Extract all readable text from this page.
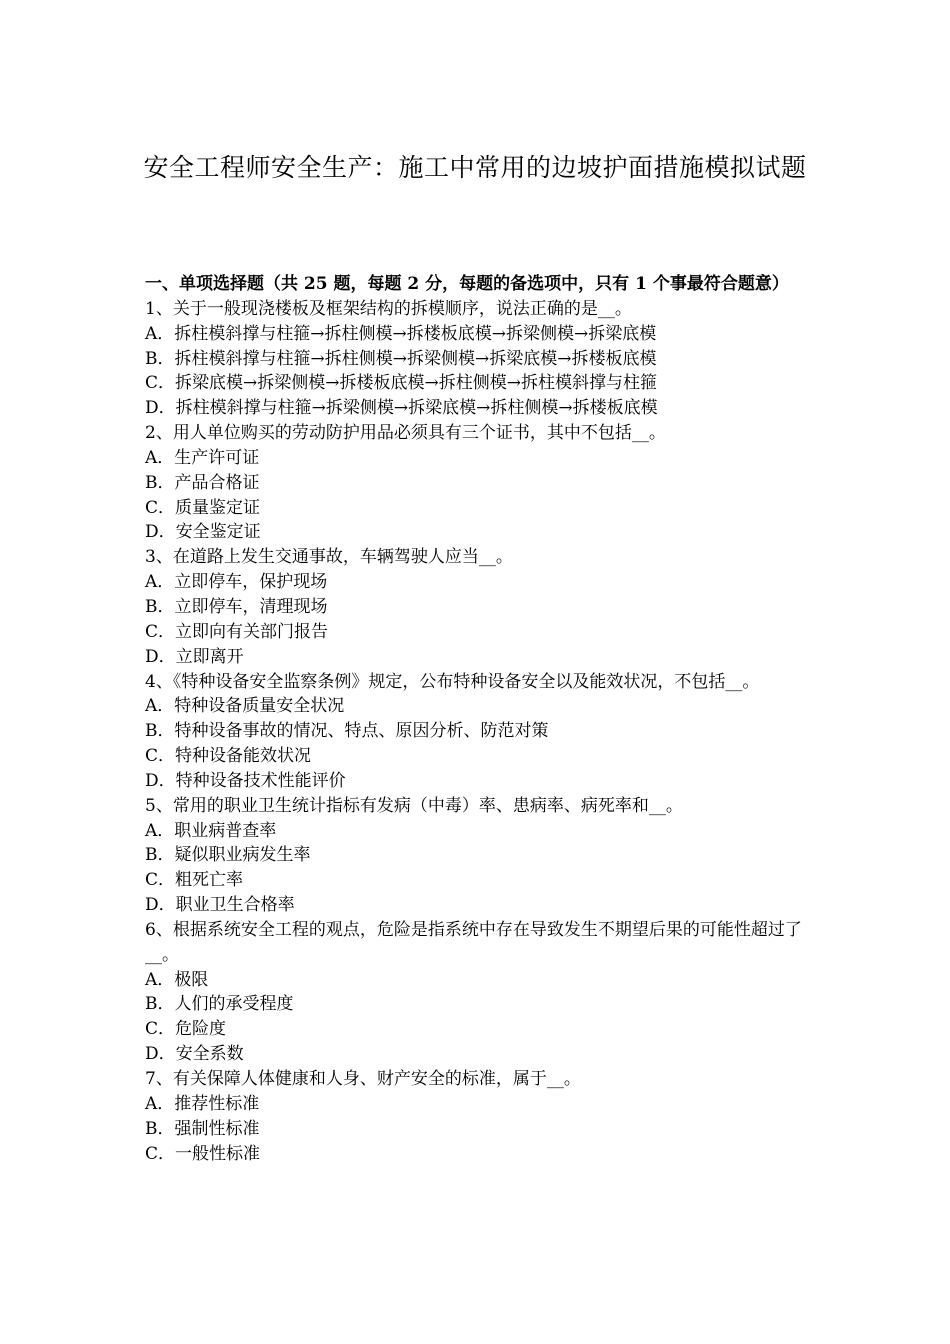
安全工程师安全生产：施工中常用的边坡护面措施模拟试题
一、单项选择题（共 25 题，每题 2 分，每题的备选项中，只有 1 个事最符合题意）
1、关于一般现浇楼板及框架结构的拆模顺序，说法正确的是__。
A．拆柱模斜撑与柱箍→拆柱侧模→拆楼板底模→拆梁侧模→拆梁底模
B．拆柱模斜撑与柱箍→拆柱侧模→拆梁侧模→拆梁底模→拆楼板底模
C．拆梁底模→拆梁侧模→拆楼板底模→拆柱侧模→拆柱模斜撑与柱箍
D．拆柱模斜撑与柱箍→拆梁侧模→拆梁底模→拆柱侧模→拆楼板底模
2、用人单位购买的劳动防护用品必须具有三个证书，其中不包括__。
A．生产许可证
B．产品合格证
C．质量鉴定证
D．安全鉴定证
3、在道路上发生交通事故，车辆驾驶人应当__。
A．立即停车，保护现场
B．立即停车，清理现场
C．立即向有关部门报告
D．立即离开
4、《特种设备安全监察条例》规定，公布特种设备安全以及能效状况，不包括__。
A．特种设备质量安全状况
B．特种设备事故的情况、特点、原因分析、防范对策
C．特种设备能效状况
D．特种设备技术性能评价
5、常用的职业卫生统计指标有发病（中毒）率、患病率、病死率和__。
A．职业病普查率
B．疑似职业病发生率
C．粗死亡率
D．职业卫生合格率
6、根据系统安全工程的观点，危险是指系统中存在导致发生不期望后果的可能性超过了__。
A．极限
B．人们的承受程度
C．危险度
D．安全系数
7、有关保障人体健康和人身、财产安全的标准，属于__。
A．推荐性标准
B．强制性标准
C．一般性标准
